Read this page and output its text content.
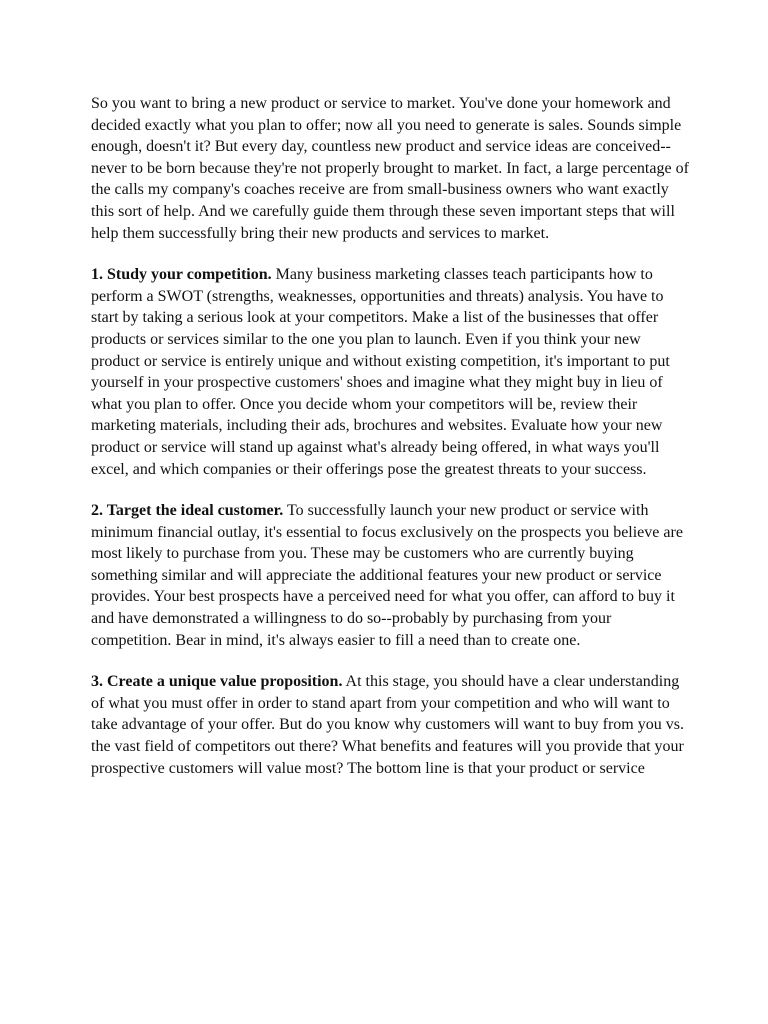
So you want to bring a new product or service to market. You've done your homework and decided exactly what you plan to offer; now all you need to generate is sales. Sounds simple enough, doesn't it? But every day, countless new product and service ideas are conceived--never to be born because they're not properly brought to market. In fact, a large percentage of the calls my company's coaches receive are from small-business owners who want exactly this sort of help. And we carefully guide them through these seven important steps that will help them successfully bring their new products and services to market.

1. Study your competition. Many business marketing classes teach participants how to perform a SWOT (strengths, weaknesses, opportunities and threats) analysis. You have to start by taking a serious look at your competitors. Make a list of the businesses that offer products or services similar to the one you plan to launch. Even if you think your new product or service is entirely unique and without existing competition, it's important to put yourself in your prospective customers' shoes and imagine what they might buy in lieu of what you plan to offer. Once you decide whom your competitors will be, review their marketing materials, including their ads, brochures and websites. Evaluate how your new product or service will stand up against what's already being offered, in what ways you'll excel, and which companies or their offerings pose the greatest threats to your success.

2. Target the ideal customer. To successfully launch your new product or service with minimum financial outlay, it's essential to focus exclusively on the prospects you believe are most likely to purchase from you. These may be customers who are currently buying something similar and will appreciate the additional features your new product or service provides. Your best prospects have a perceived need for what you offer, can afford to buy it and have demonstrated a willingness to do so--probably by purchasing from your competition. Bear in mind, it's always easier to fill a need than to create one.

3. Create a unique value proposition. At this stage, you should have a clear understanding of what you must offer in order to stand apart from your competition and who will want to take advantage of your offer. But do you know why customers will want to buy from you vs. the vast field of competitors out there? What benefits and features will you provide that your prospective customers will value most? The bottom line is that your product or service
